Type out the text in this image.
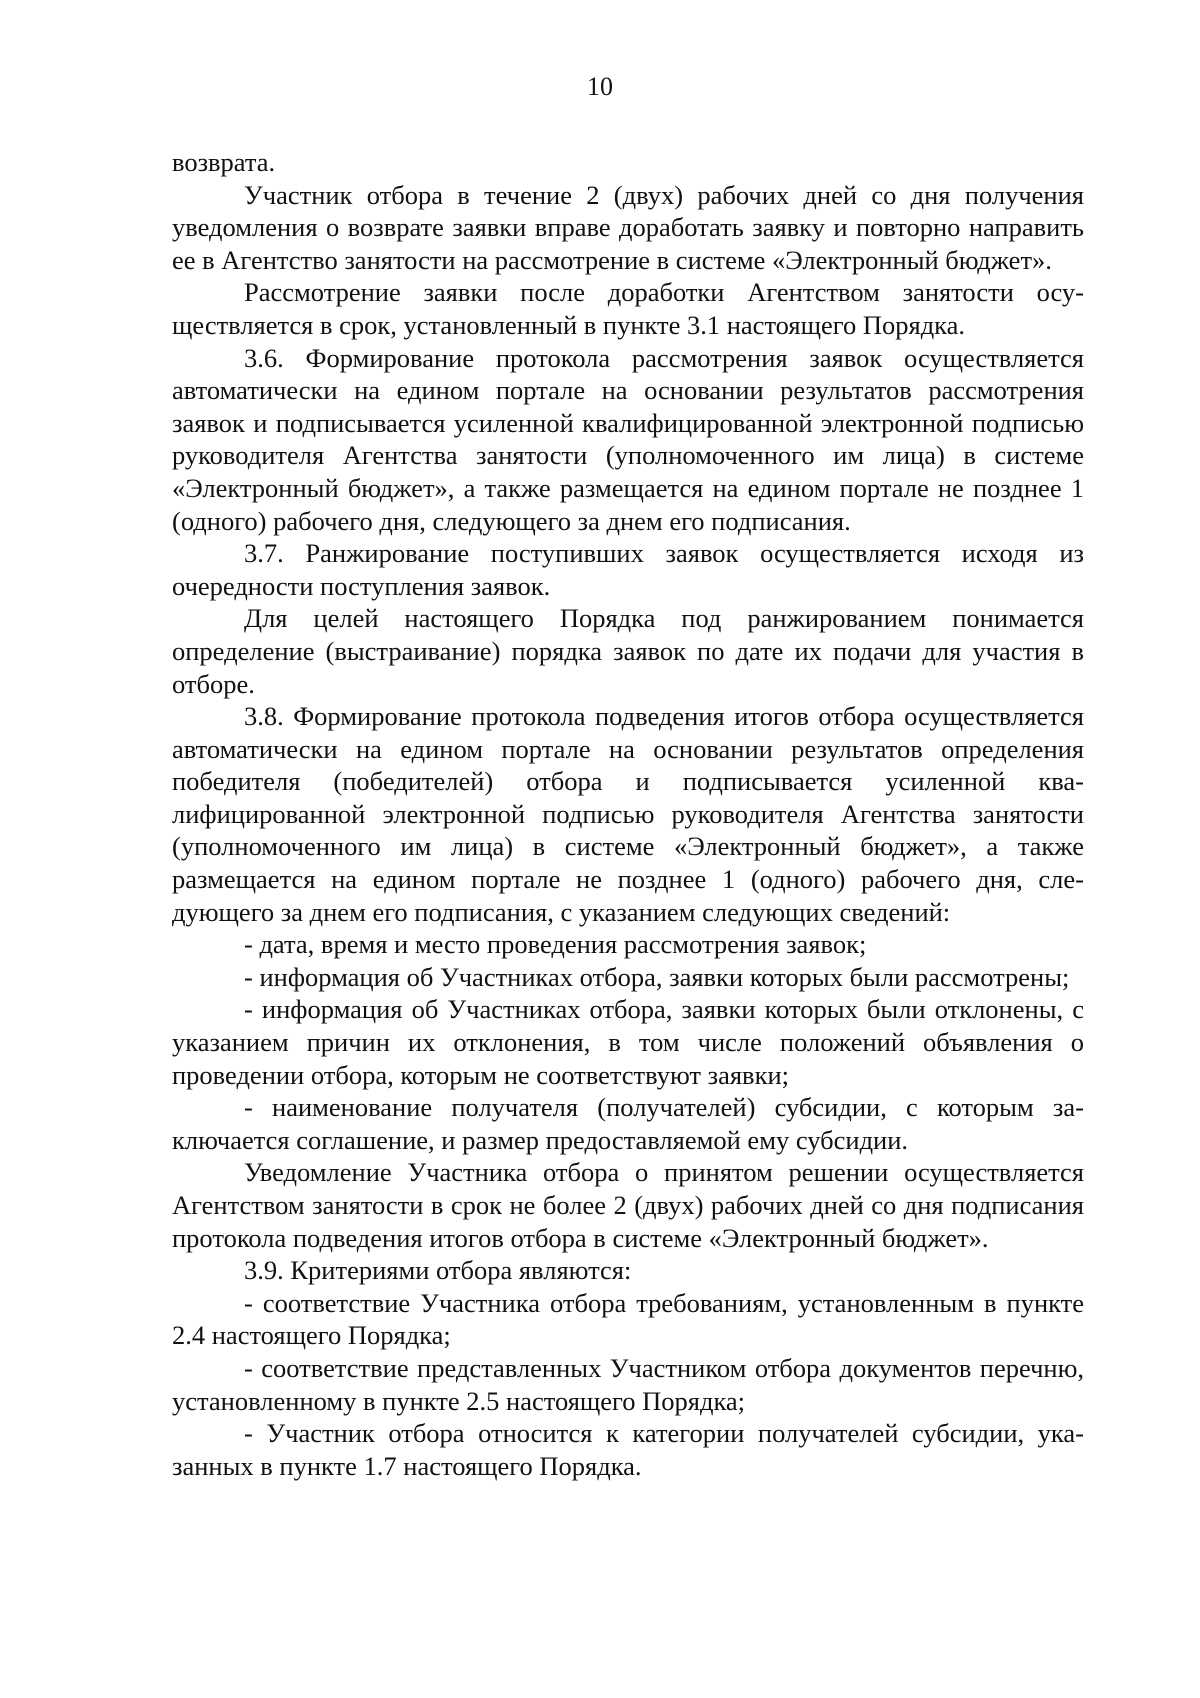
10

возврата.

Участник отбора в течение 2 (двух) рабочих дней со дня получения уведомления о возврате заявки вправе доработать заявку и повторно направить ее в Агентство занятости на рассмотрение в системе «Электронный бюджет».

Рассмотрение заявки после доработки Агентством занятости осуществляется в срок, установленный в пункте 3.1 настоящего Порядка.

3.6. Формирование протокола рассмотрения заявок осуществляется автоматически на едином портале на основании результатов рассмотрения заявок и подписывается усиленной квалифицированной электронной подписью руководителя Агентства занятости (уполномоченного им лица) в системе «Электронный бюджет», а также размещается на едином портале не позднее 1 (одного) рабочего дня, следующего за днем его подписания.

3.7. Ранжирование поступивших заявок осуществляется исходя из очередности поступления заявок.

Для целей настоящего Порядка под ранжированием понимается определение (выстраивание) порядка заявок по дате их подачи для участия в отборе.

3.8. Формирование протокола подведения итогов отбора осуществляется автоматически на едином портале на основании результатов определения победителя (победителей) отбора и подписывается усиленной квалифицированной электронной подписью руководителя Агентства занятости (уполномоченного им лица) в системе «Электронный бюджет», а также размещается на едином портале не позднее 1 (одного) рабочего дня, следующего за днем его подписания, с указанием следующих сведений:

- дата, время и место проведения рассмотрения заявок;

- информация об Участниках отбора, заявки которых были рассмотрены;

- информация об Участниках отбора, заявки которых были отклонены, с указанием причин их отклонения, в том числе положений объявления о проведении отбора, которым не соответствуют заявки;

- наименование получателя (получателей) субсидии, с которым заключается соглашение, и размер предоставляемой ему субсидии.

Уведомление Участника отбора о принятом решении осуществляется Агентством занятости в срок не более 2 (двух) рабочих дней со дня подписания протокола подведения итогов отбора в системе «Электронный бюджет».

3.9. Критериями отбора являются:

- соответствие Участника отбора требованиям, установленным в пункте 2.4 настоящего Порядка;

- соответствие представленных Участником отбора документов перечню, установленному в пункте 2.5 настоящего Порядка;

- Участник отбора относится к категории получателей субсидии, указанных в пункте 1.7 настоящего Порядка.
